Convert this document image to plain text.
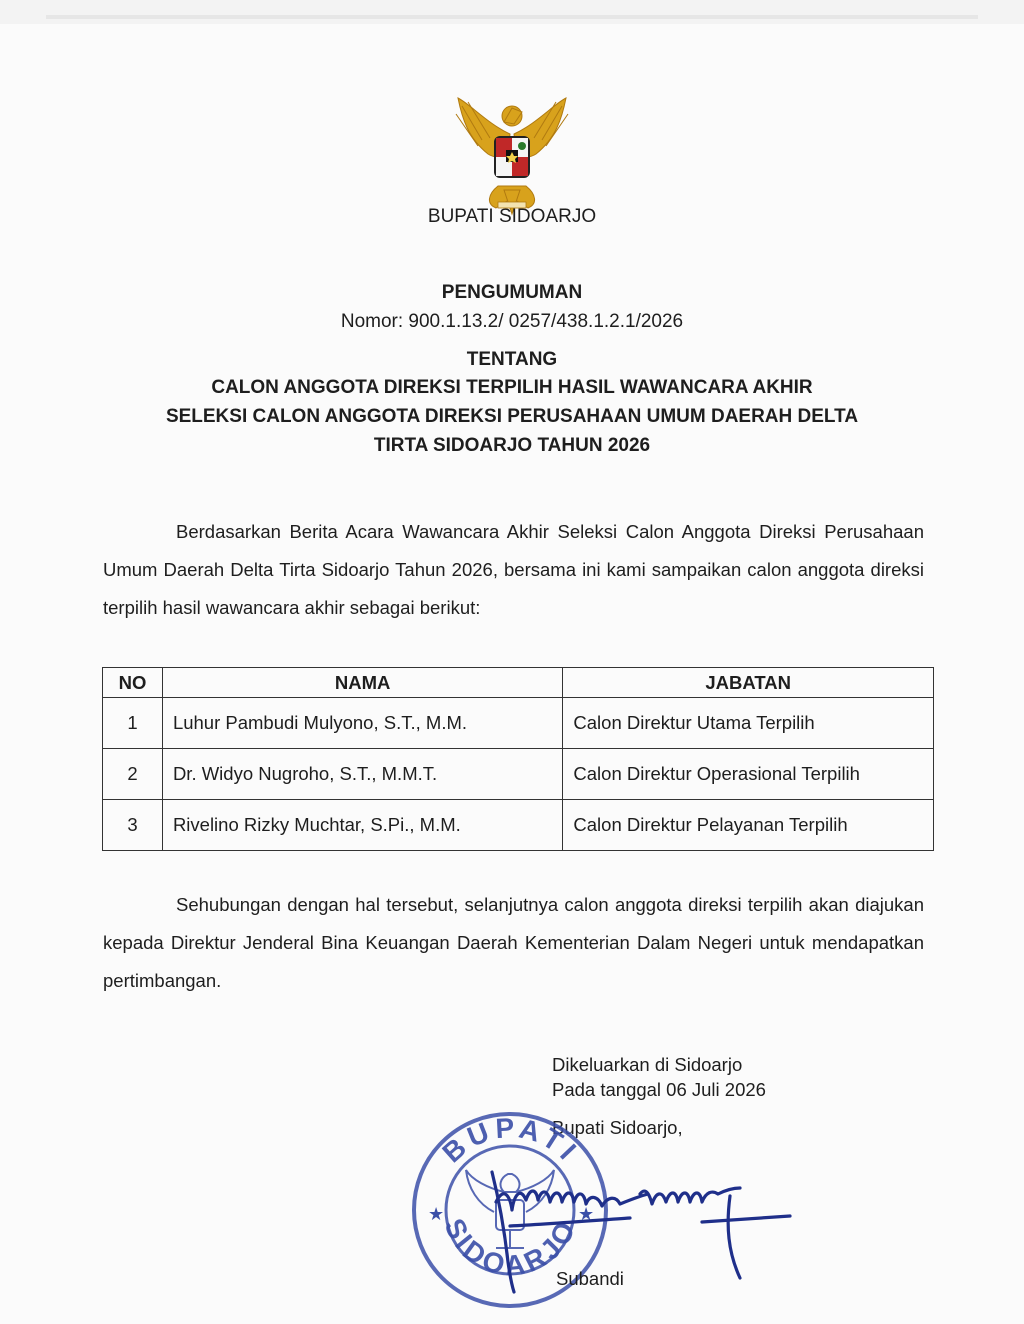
BUPATI SIDOARJO
PENGUMUMAN
Nomor: 900.1.13.2/ 0257/438.1.2.1/2026
TENTANG
CALON ANGGOTA DIREKSI TERPILIH HASIL WAWANCARA AKHIR
SELEKSI CALON ANGGOTA DIREKSI PERUSAHAAN UMUM DAERAH DELTA
TIRTA SIDOARJO TAHUN 2026
Berdasarkan Berita Acara Wawancara Akhir Seleksi Calon Anggota Direksi Perusahaan Umum Daerah Delta Tirta Sidoarjo Tahun 2026, bersama ini kami sampaikan calon anggota direksi terpilih hasil wawancara akhir sebagai berikut:
NO	NAMA	JABATAN
1	Luhur Pambudi Mulyono, S.T., M.M.	Calon Direktur Utama Terpilih
2	Dr. Widyo Nugroho, S.T., M.M.T.	Calon Direktur Operasional Terpilih
3	Rivelino Rizky Muchtar, S.Pi., M.M.	Calon Direktur Pelayanan Terpilih
Sehubungan dengan hal tersebut, selanjutnya calon anggota direksi terpilih akan diajukan kepada Direktur Jenderal Bina Keuangan Daerah Kementerian Dalam Negeri untuk mendapatkan pertimbangan.
Dikeluarkan di Sidoarjo
Pada tanggal 06 Juli 2026
Bupati Sidoarjo,
BUPATI
SIDOARJO
★	★
Subandi
